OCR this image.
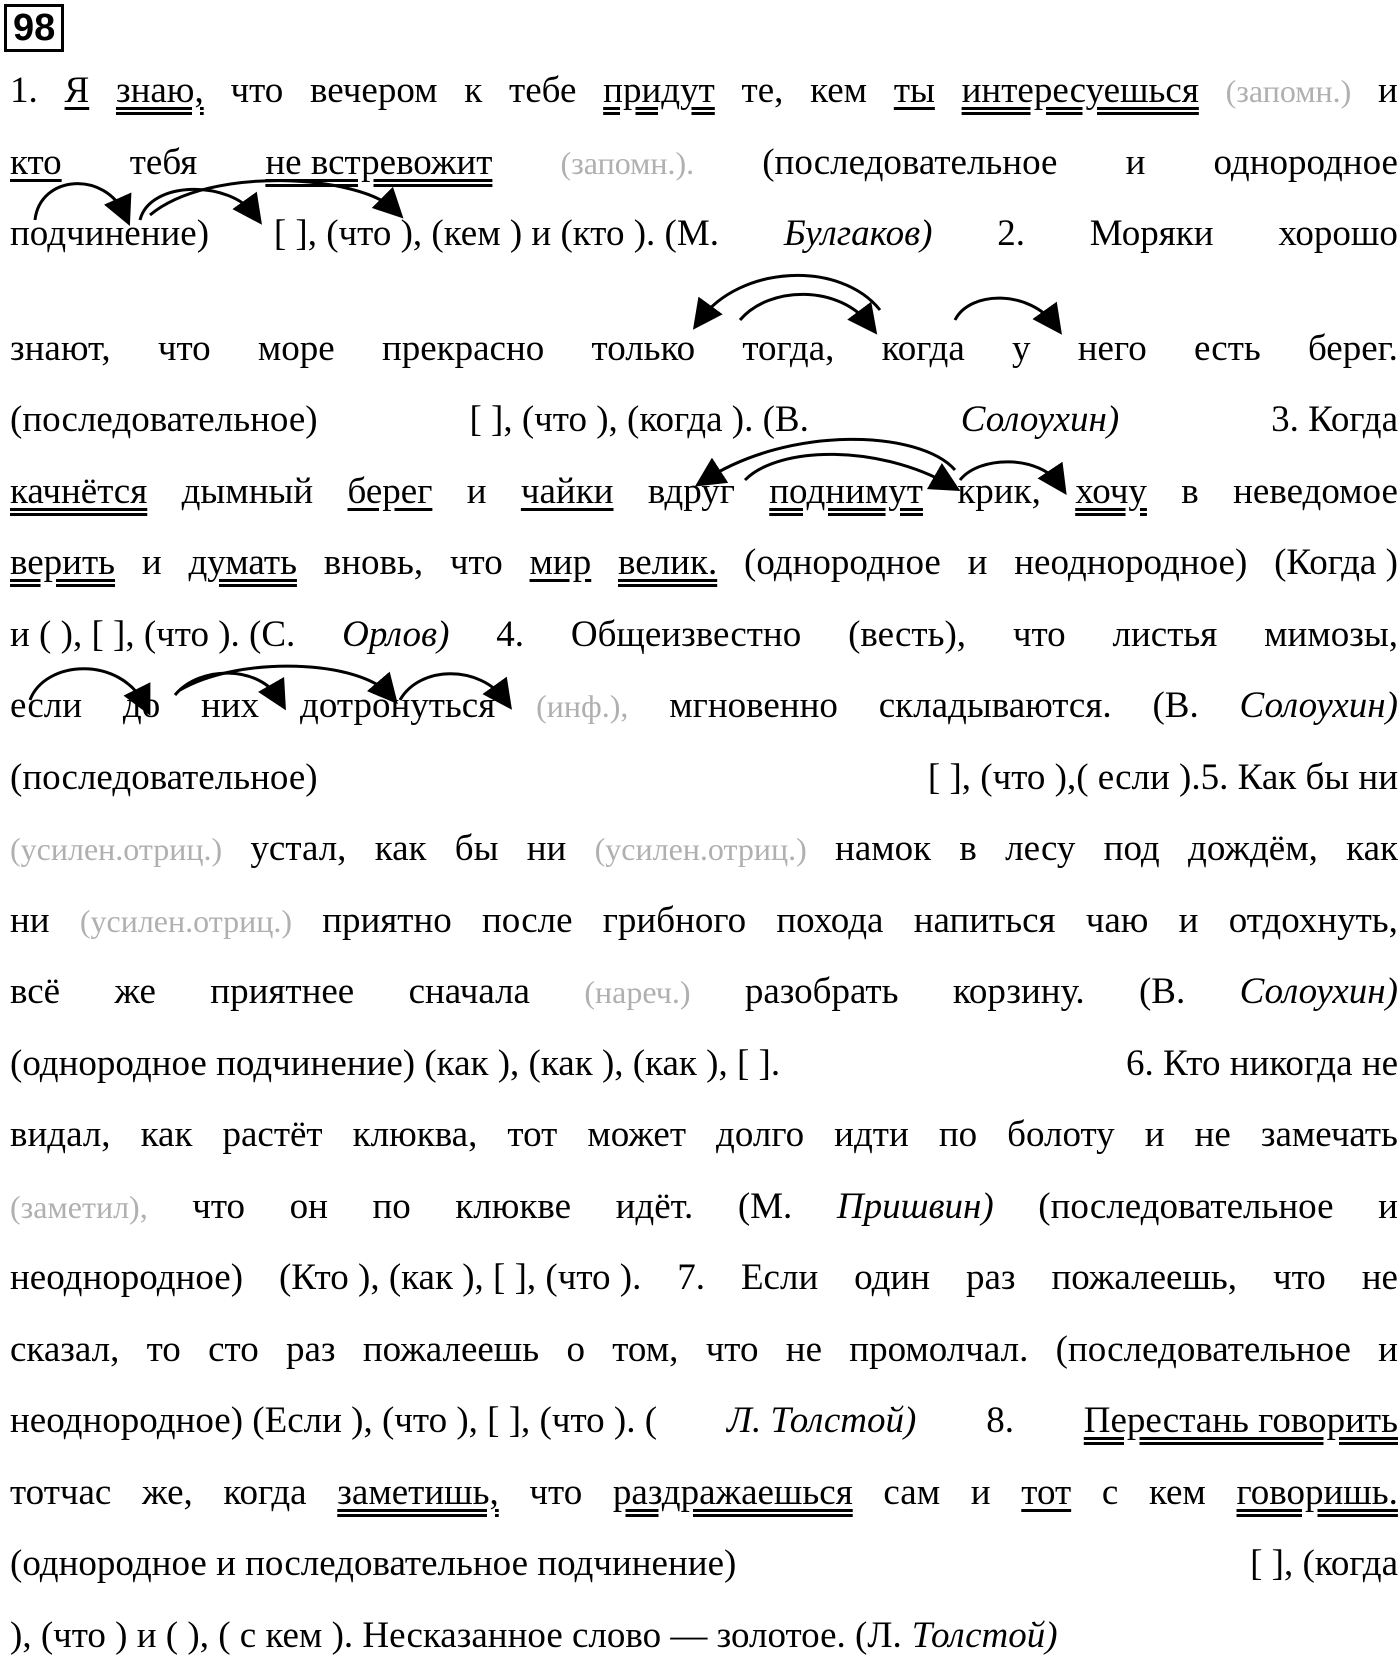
98
1. Я знаю, что вечером к тебе придут те, кем ты интересуешься (запомн.) и
кто тебя не встревожит (запомн.). (последовательное и однородное
подчинение) [ ], (что ), (кем ) и (кто ). (М. Булгаков) 2. Моряки хорошо
знают, что море прекрасно только тогда, когда у него есть берег.
(последовательное)	[ ], (что ), (когда ). (В.	Солоухин)	3. Когда
качнётся дымный берег и чайки вдруг поднимут крик, хочу в неведомое
верить и думать вновь, что мир велик. (однородное и неоднородное) (Когда )
и ( ), [ ], (что ). (С. Орлов) 4. Общеизвестно (весть), что листья мимозы,
если до них дотронуться (инф.), мгновенно складываются. (В. Солоухин)
(последовательное)	[ ], (что ),( если ).5. Как бы ни
(усилен.отриц.) устал, как бы ни (усилен.отриц.) намок в лесу под дождём, как
ни (усилен.отриц.) приятно после грибного похода напиться чаю и отдохнуть,
всё же приятнее сначала (нареч.) разобрать корзину. (В. Солоухин)
(однородное подчинение) (как ), (как ), (как ), [ ].	6. Кто никогда не
видал, как растёт клюква, тот может долго идти по болоту и не замечать
(заметил), что он по клюкве идёт. (М. Пришвин) (последовательное и
неоднородное) (Кто ), (как ), [ ], (что ). 7. Если один раз пожалеешь, что не
сказал, то сто раз пожалеешь о том, что не промолчал. (последовательное и
неоднородное) (Если ), (что ), [ ], (что ). ( Л. Толстой) 8. Перестань говорить
тотчас же, когда заметишь, что раздражаешься сам и тот с кем говоришь.
(однородное и последовательное подчинение)	[ ], (когда
), (что ) и ( ), ( с кем ). Несказанное слово — золотое. (Л. Толстой)
